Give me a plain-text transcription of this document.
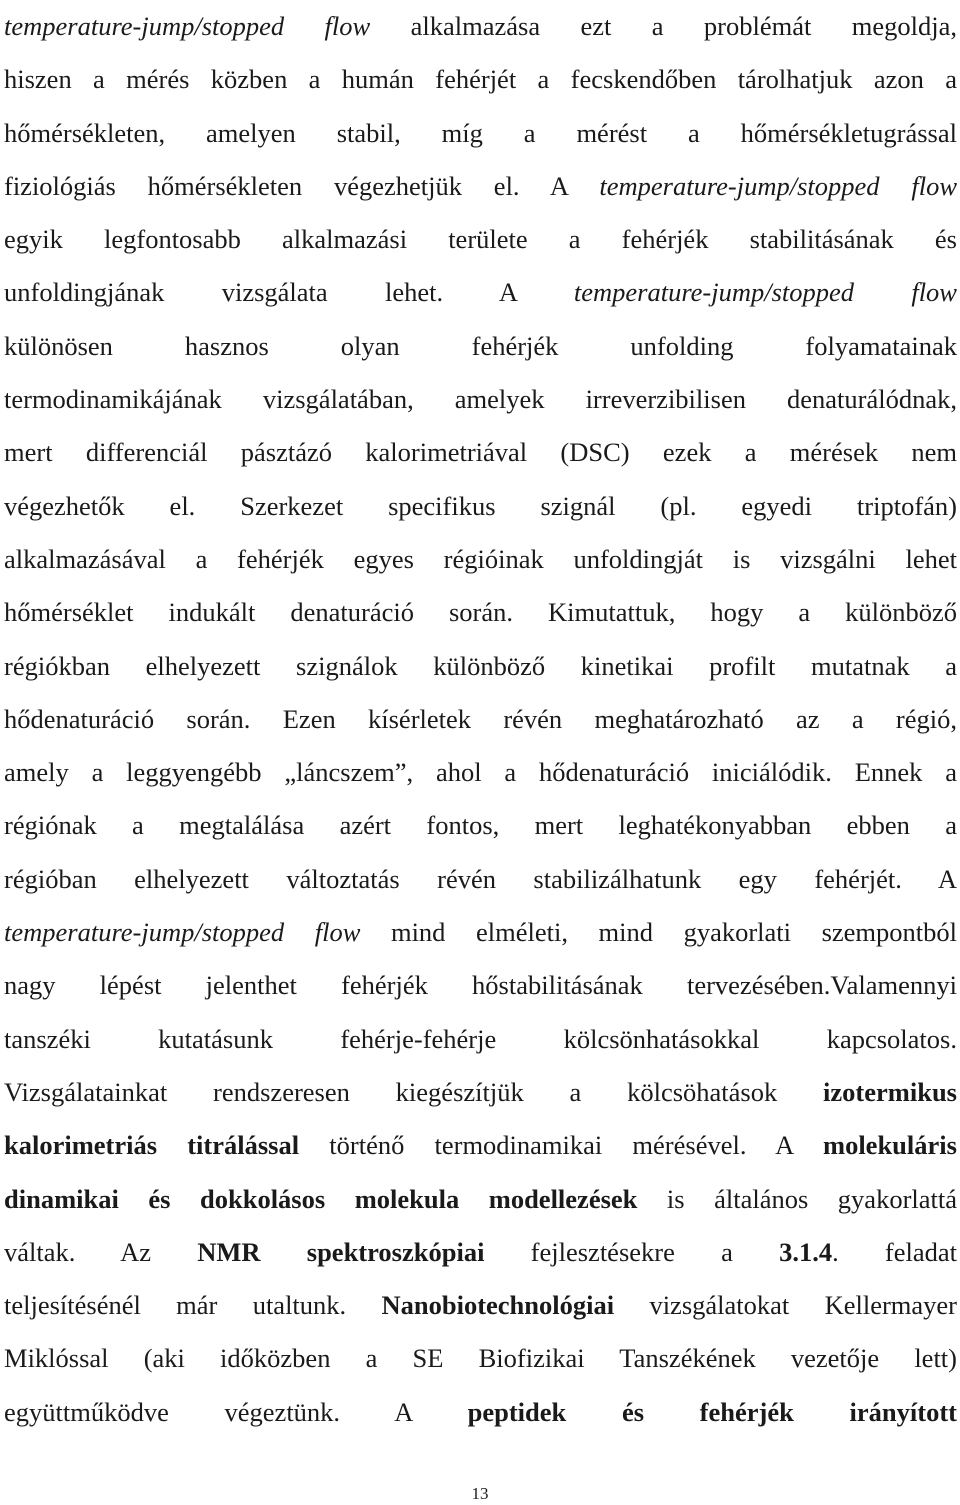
temperature-jump/stopped flow alkalmazása ezt a problémát megoldja,
hiszen a mérés közben a humán fehérjét a fecskendőben tárolhatjuk azon a
hőmérsékleten, amelyen stabil, míg a mérést a hőmérsékletugrással
fiziológiás hőmérsékleten végezhetjük el. A temperature-jump/stopped flow
egyik legfontosabb alkalmazási területe a fehérjék stabilitásának és
unfoldingjának vizsgálata lehet. A temperature-jump/stopped flow
különösen hasznos olyan fehérjék unfolding folyamatainak
termodinamikájának vizsgálatában, amelyek irreverzibilisen denaturálódnak,
mert differenciál pásztázó kalorimetriával (DSC) ezek a mérések nem
végezhetők el. Szerkezet specifikus szignál (pl. egyedi triptofán)
alkalmazásával a fehérjék egyes régióinak unfoldingját is vizsgálni lehet
hőmérséklet indukált denaturáció során. Kimutattuk, hogy a különböző
régiókban elhelyezett szignálok különböző kinetikai profilt mutatnak a
hődenaturáció során. Ezen kísérletek révén meghatározható az a régió,
amely a leggyengébb „láncszem”, ahol a hődenaturáció iniciálódik. Ennek a
régiónak a megtalálása azért fontos, mert leghatékonyabban ebben a
régióban elhelyezett változtatás révén stabilizálhatunk egy fehérjét. A
temperature-jump/stopped flow mind elméleti, mind gyakorlati szempontból
nagy lépést jelenthet fehérjék hőstabilitásának tervezésében.Valamennyi
tanszéki kutatásunk fehérje-fehérje kölcsönhatásokkal kapcsolatos.
Vizsgálatainkat rendszeresen kiegészítjük a kölcsöhatások izotermikus
kalorimetriás titrálással történő termodinamikai mérésével. A molekuláris
dinamikai és dokkolásos molekula modellezések is általános gyakorlattá
váltak. Az NMR spektroszkópiai fejlesztésekre a 3.1.4. feladat
teljesítésénél már utaltunk. Nanobiotechnológiai vizsgálatokat Kellermayer
Miklóssal (aki időközben a SE Biofizikai Tanszékének vezetője lett)
együttműködve végeztünk. A peptidek és fehérjék irányított
13
